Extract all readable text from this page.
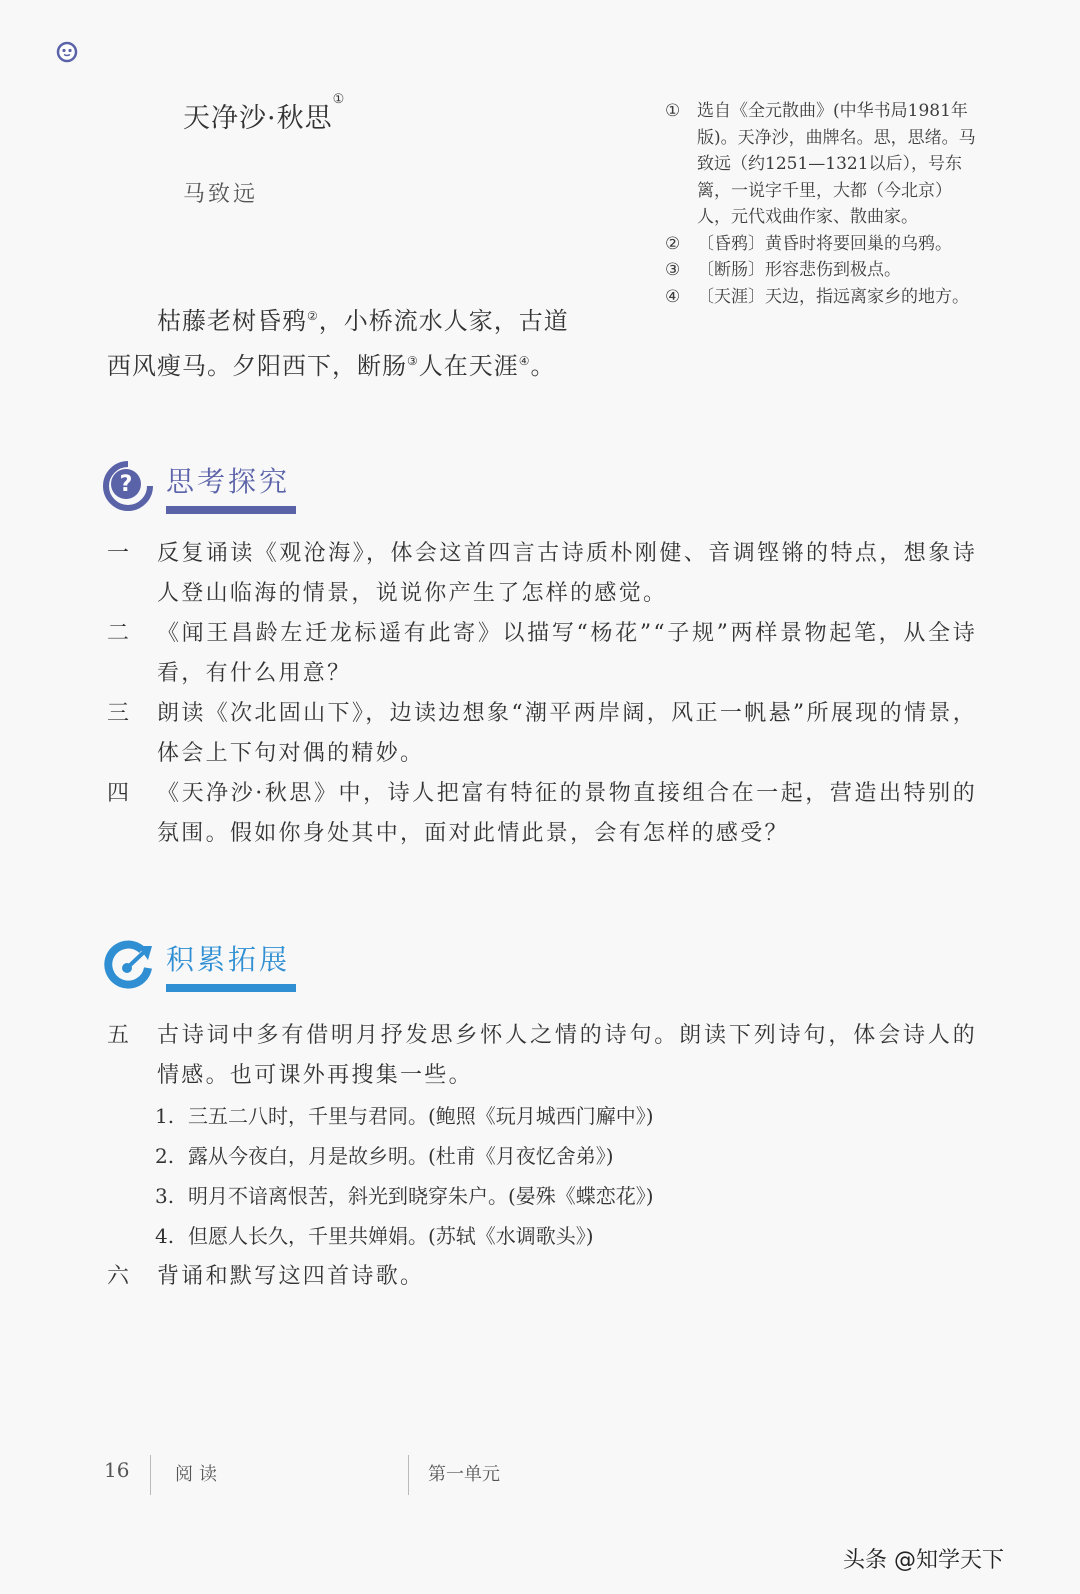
天净沙·秋思①
马致远
枯藤老树昏鸦②，小桥流水人家，古道西风瘦马。夕阳西下，断肠③人在天涯④。
① 选自《全元散曲》(中华书局1981年版)。天净沙，曲牌名。思，思绪。马致远（约1251—1321以后），号东篱，一说字千里，大都（今北京）人，元代戏曲作家、散曲家。
② 〔昏鸦〕黄昏时将要回巢的乌鸦。
③ 〔断肠〕形容悲伤到极点。
④ 〔天涯〕天边，指远离家乡的地方。
? 思考探究
一	反复诵读《观沧海》，体会这首四言古诗质朴刚健、音调铿锵的特点，想象诗人登山临海的情景，说说你产生了怎样的感觉。
二	《闻王昌龄左迁龙标遥有此寄》以描写“杨花”“子规”两样景物起笔，从全诗看，有什么用意？
三	朗读《次北固山下》，边读边想象“潮平两岸阔，风正一帆悬”所展现的情景，体会上下句对偶的精妙。
四	《天净沙·秋思》中，诗人把富有特征的景物直接组合在一起，营造出特别的氛围。假如你身处其中，面对此情此景，会有怎样的感受？
积累拓展
五	古诗词中多有借明月抒发思乡怀人之情的诗句。朗读下列诗句，体会诗人的情感。也可课外再搜集一些。
1. 三五二八时，千里与君同。(鲍照《玩月城西门廨中》)
2. 露从今夜白，月是故乡明。(杜甫《月夜忆舍弟》)
3. 明月不谙离恨苦，斜光到晓穿朱户。(晏殊《蝶恋花》)
4. 但愿人长久，千里共婵娟。(苏轼《水调歌头》)
六	背诵和默写这四首诗歌。
16	阅读	第一单元
头条 @知学天下
